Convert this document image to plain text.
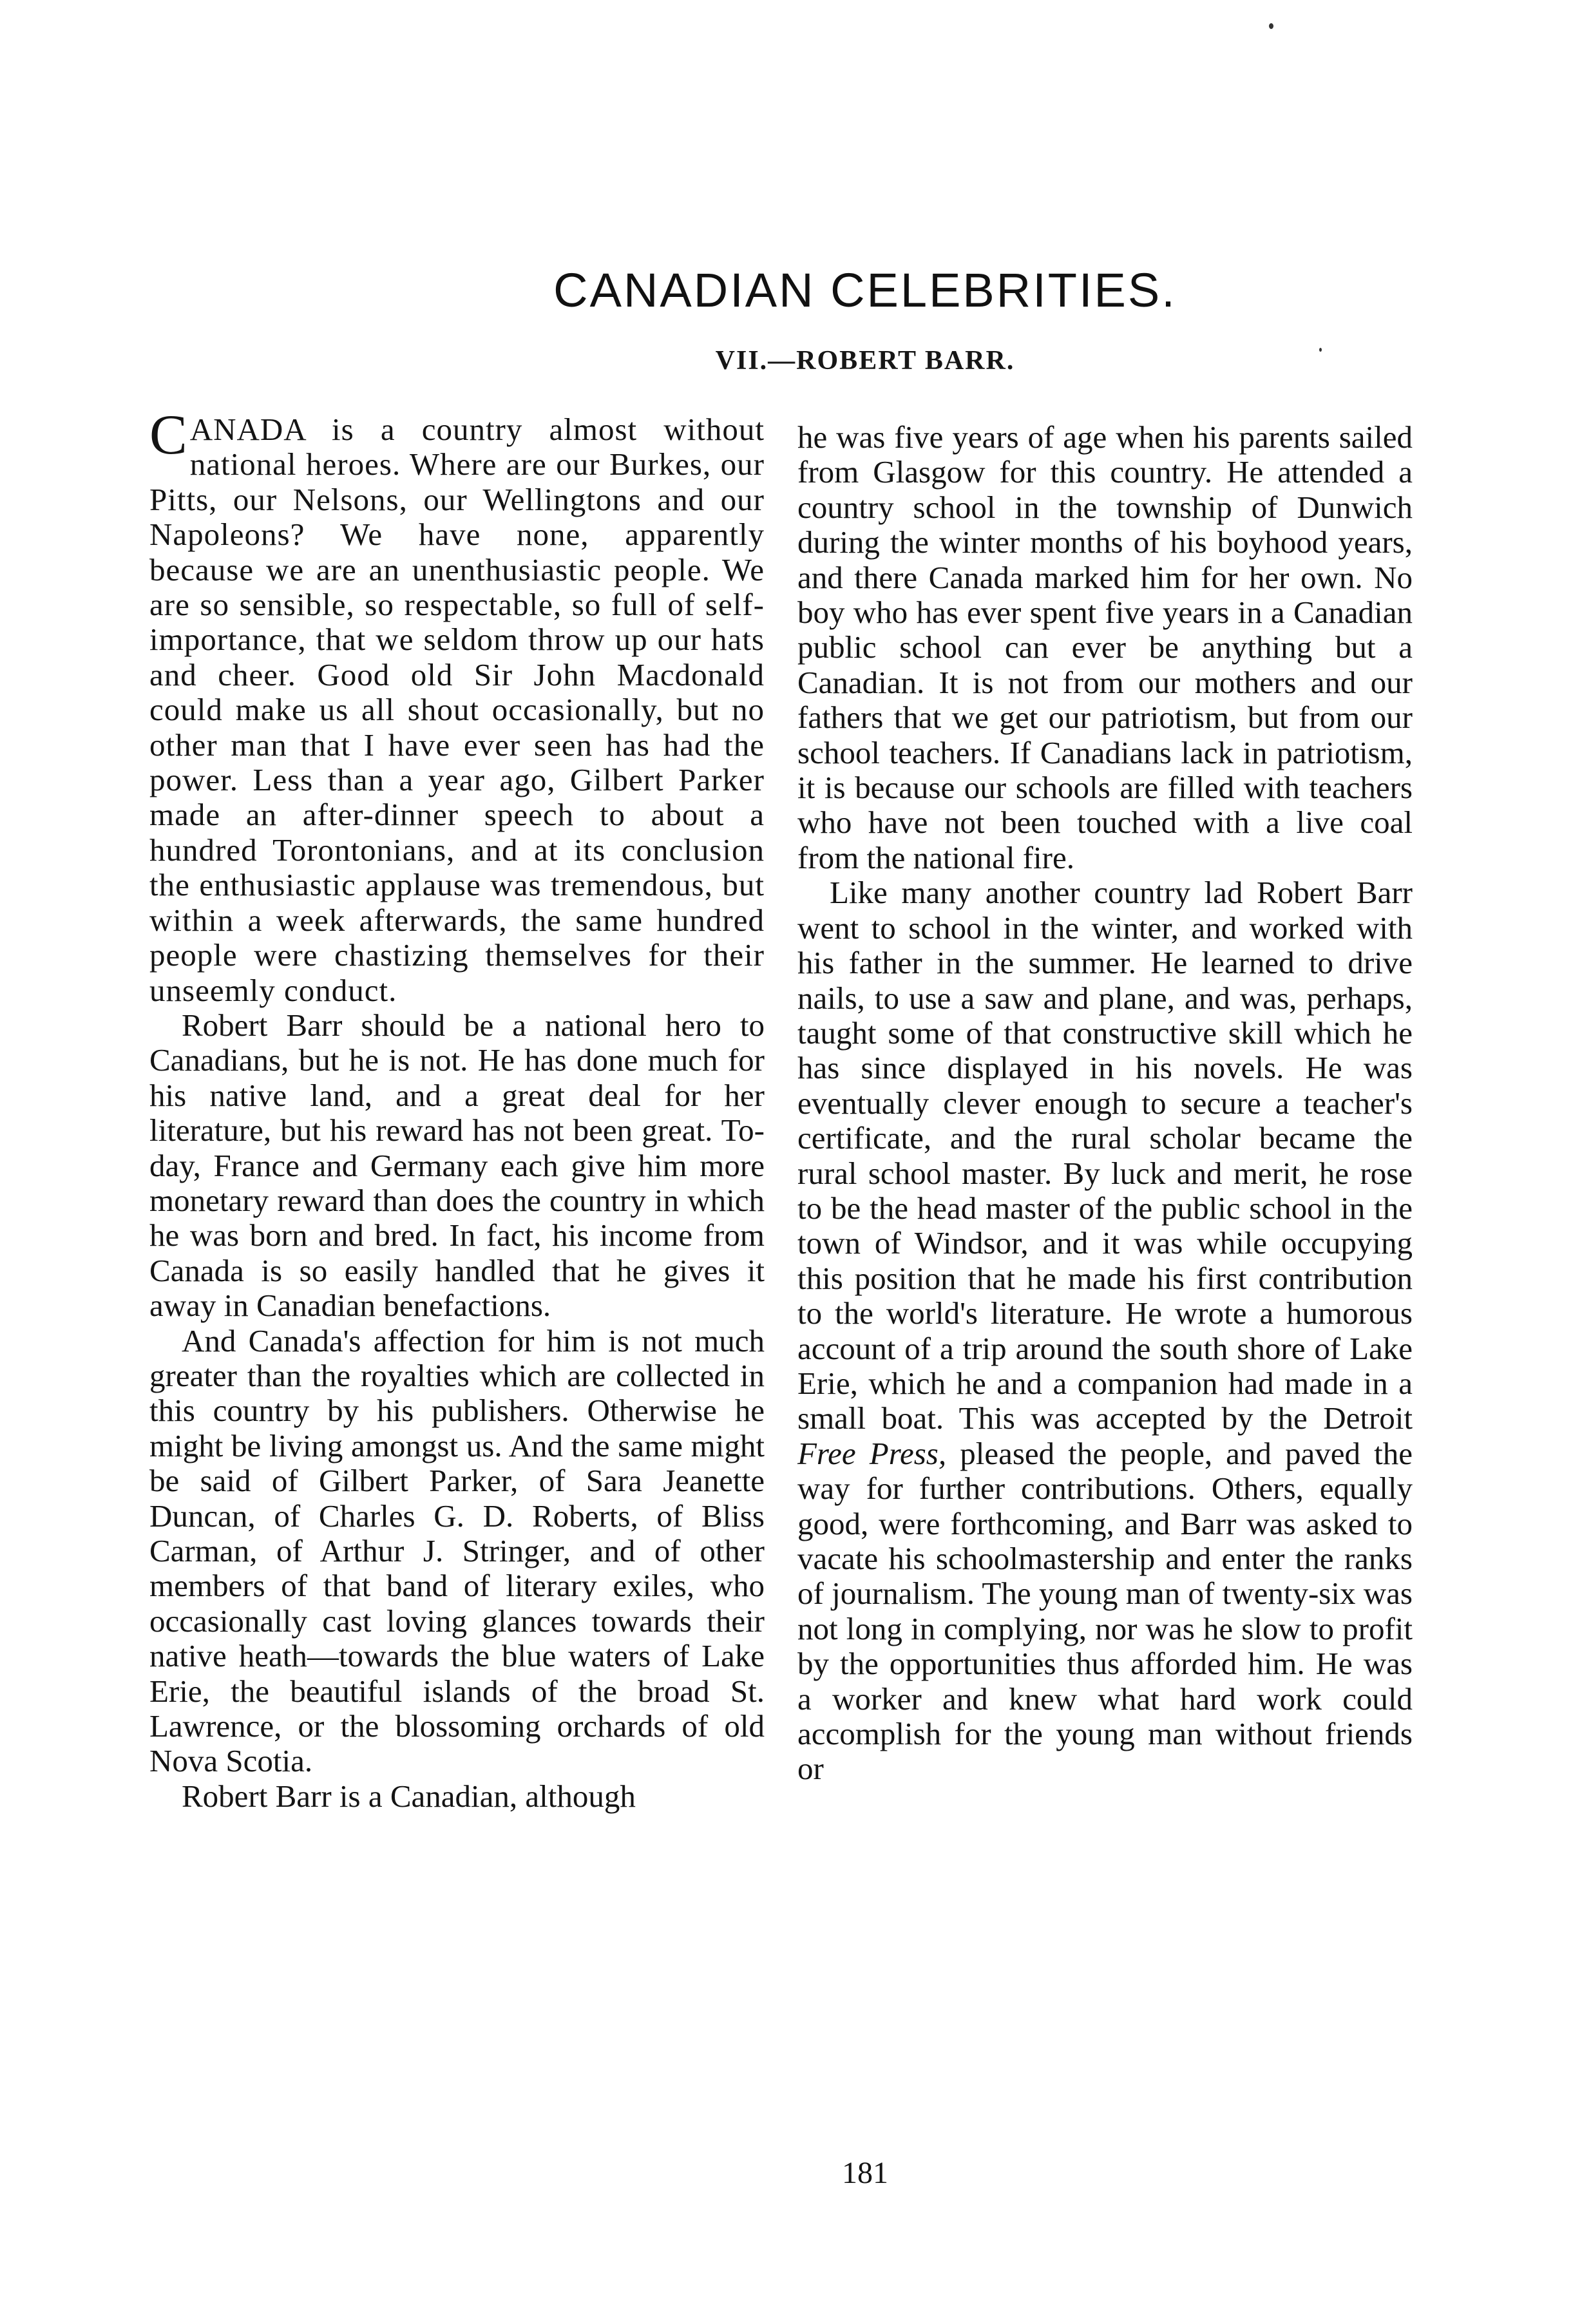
CANADIAN CELEBRITIES.
VII.—ROBERT BARR.

CANADA is a country almost without national heroes. Where are our Burkes, our Pitts, our Nelsons, our Wellingtons and our Napoleons? We have none, apparently because we are an unenthusiastic people. We are so sensible, so respectable, so full of self-importance, that we seldom throw up our hats and cheer. Good old Sir John Macdonald could make us all shout occasionally, but no other man that I have ever seen has had the power. Less than a year ago, Gilbert Parker made an after-dinner speech to about a hundred Torontonians, and at its conclusion the enthusiastic applause was tremendous, but within a week afterwards, the same hundred people were chastizing themselves for their unseemly conduct.

Robert Barr should be a national hero to Canadians, but he is not. He has done much for his native land, and a great deal for her literature, but his reward has not been great. To-day, France and Germany each give him more monetary reward than does the country in which he was born and bred. In fact, his income from Canada is so easily handled that he gives it away in Canadian benefactions.

And Canada's affection for him is not much greater than the royalties which are collected in this country by his publishers. Otherwise he might be living amongst us. And the same might be said of Gilbert Parker, of Sara Jeanette Duncan, of Charles G. D. Roberts, of Bliss Carman, of Arthur J. Stringer, and of other members of that band of literary exiles, who occasionally cast loving glances towards their native heath—towards the blue waters of Lake Erie, the beautiful islands of the broad St. Lawrence, or the blossoming orchards of old Nova Scotia.

Robert Barr is a Canadian, although

he was five years of age when his parents sailed from Glasgow for this country. He attended a country school in the township of Dunwich during the winter months of his boyhood years, and there Canada marked him for her own. No boy who has ever spent five years in a Canadian public school can ever be anything but a Canadian. It is not from our mothers and our fathers that we get our patriotism, but from our school teachers. If Canadians lack in patriotism, it is because our schools are filled with teachers who have not been touched with a live coal from the national fire.

Like many another country lad Robert Barr went to school in the winter, and worked with his father in the summer. He learned to drive nails, to use a saw and plane, and was, perhaps, taught some of that constructive skill which he has since displayed in his novels. He was eventually clever enough to secure a teacher's certificate, and the rural scholar became the rural school master. By luck and merit, he rose to be the head master of the public school in the town of Windsor, and it was while occupying this position that he made his first contribution to the world's literature. He wrote a humorous account of a trip around the south shore of Lake Erie, which he and a companion had made in a small boat. This was accepted by the Detroit Free Press, pleased the people, and paved the way for further contributions. Others, equally good, were forthcoming, and Barr was asked to vacate his schoolmastership and enter the ranks of journalism. The young man of twenty-six was not long in complying, nor was he slow to profit by the opportunities thus afforded him. He was a worker and knew what hard work could accomplish for the young man without friends or

181
